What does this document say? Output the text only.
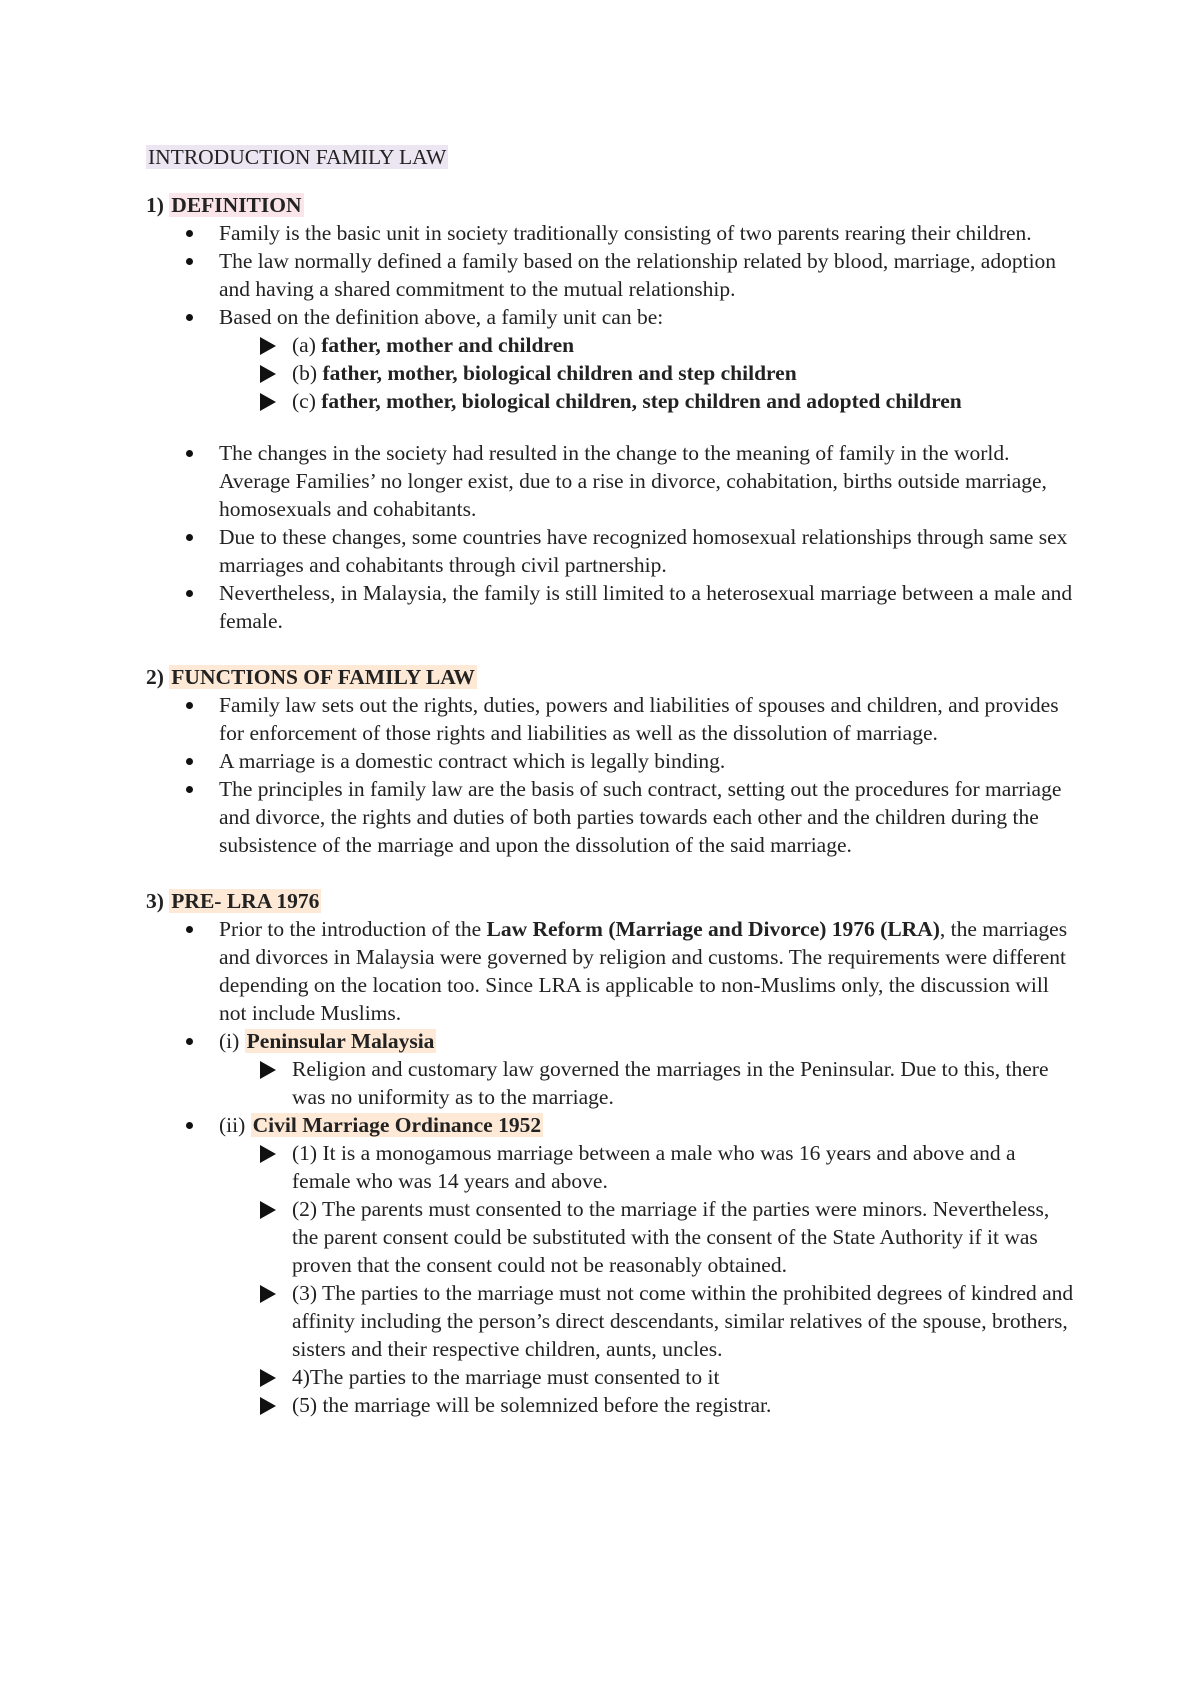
INTRODUCTION FAMILY LAW

1) DEFINITION

Family is the basic unit in society traditionally consisting of two parents rearing their children.
The law normally defined a family based on the relationship related by blood, marriage, adoption and having a shared commitment to the mutual relationship.
Based on the definition above, a family unit can be:
(a) father, mother and children
(b) father, mother, biological children and step children
(c) father, mother, biological children, step children and adopted children
The changes in the society had resulted in the change to the meaning of family in the world. Average Families’ no longer exist, due to a rise in divorce, cohabitation, births outside marriage, homosexuals and cohabitants.
Due to these changes, some countries have recognized homosexual relationships through same sex marriages and cohabitants through civil partnership.
Nevertheless, in Malaysia, the family is still limited to a heterosexual marriage between a male and female.

2) FUNCTIONS OF FAMILY LAW

Family law sets out the rights, duties, powers and liabilities of spouses and children, and provides for enforcement of those rights and liabilities as well as the dissolution of marriage.
A marriage is a domestic contract which is legally binding.
The principles in family law are the basis of such contract, setting out the procedures for marriage and divorce, the rights and duties of both parties towards each other and the children during the subsistence of the marriage and upon the dissolution of the said marriage.

3) PRE- LRA 1976

Prior to the introduction of the Law Reform (Marriage and Divorce) 1976 (LRA), the marriages and divorces in Malaysia were governed by religion and customs. The requirements were different depending on the location too. Since LRA is applicable to non-Muslims only, the discussion will not include Muslims.
(i) Peninsular Malaysia
Religion and customary law governed the marriages in the Peninsular. Due to this, there was no uniformity as to the marriage.
(ii) Civil Marriage Ordinance 1952
(1) It is a monogamous marriage between a male who was 16 years and above and a female who was 14 years and above.
(2) The parents must consented to the marriage if the parties were minors. Nevertheless, the parent consent could be substituted with the consent of the State Authority if it was proven that the consent could not be reasonably obtained.
(3) The parties to the marriage must not come within the prohibited degrees of kindred and affinity including the person’s direct descendants, similar relatives of the spouse, brothers, sisters and their respective children, aunts, uncles.
4)The parties to the marriage must consented to it
(5) the marriage will be solemnized before the registrar.
